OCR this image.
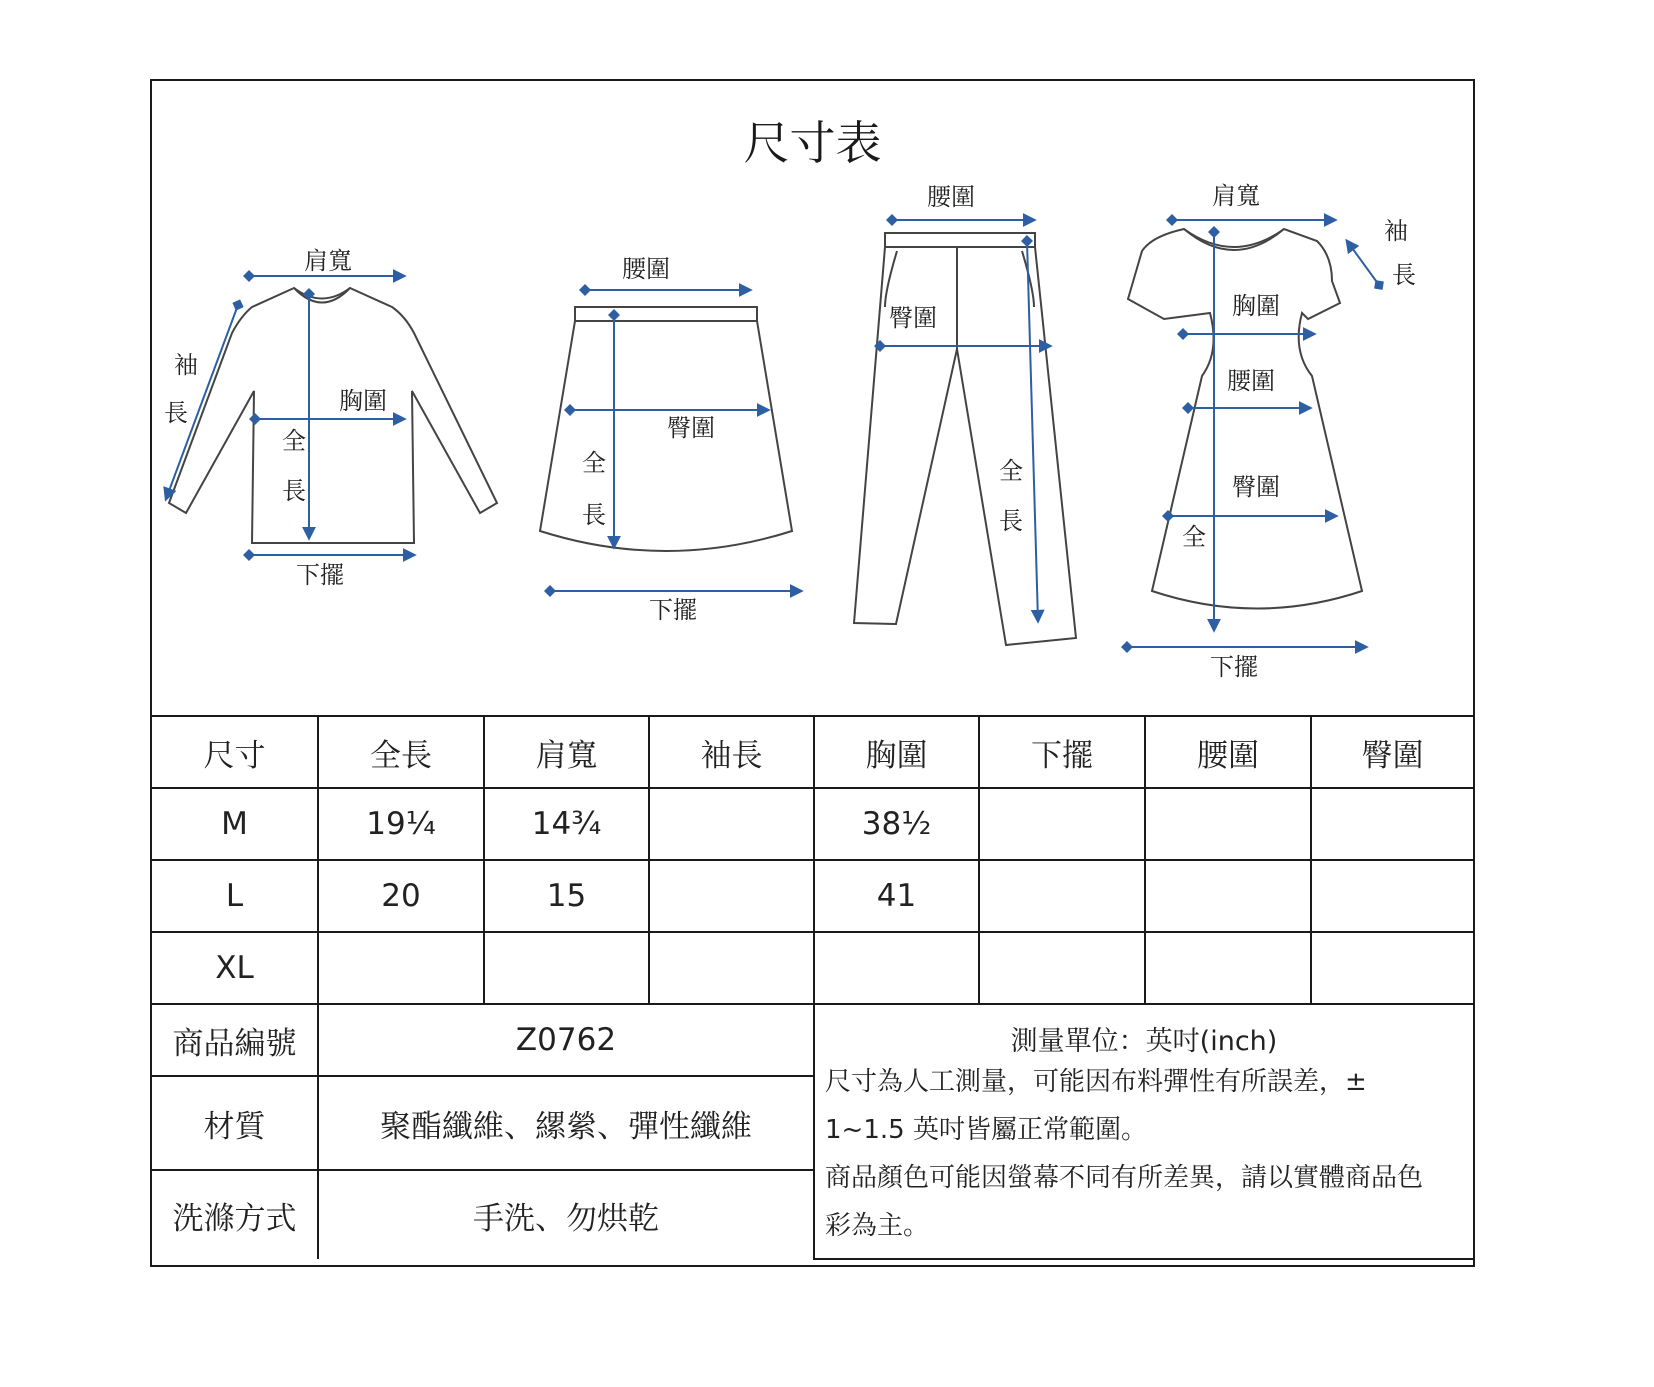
尺寸表
肩寬
胸圍
袖
長
全
長
下擺
腰圍
臀圍
全
長
下擺
腰圍
臀圍
全
長
肩寬
袖
長
胸圍
腰圍
臀圍
全
下擺
尺寸	全長	肩寬	袖長	胸圍	下擺	腰圍	臀圍
M	19¼	14¾		38½			
L	20	15		41			
XL							
商品編號	Z0762			測量單位：英吋(inch)
尺寸為人工測量，可能因布料彈性有所誤差，±
1~1.5 英吋皆屬正常範圍。
商品顏色可能因螢幕不同有所差異，請以實體商品色
彩為主。			

材質	聚酯纖維、縲縈、彈性纖維						
洗滌方式	手洗、勿烘乾						
